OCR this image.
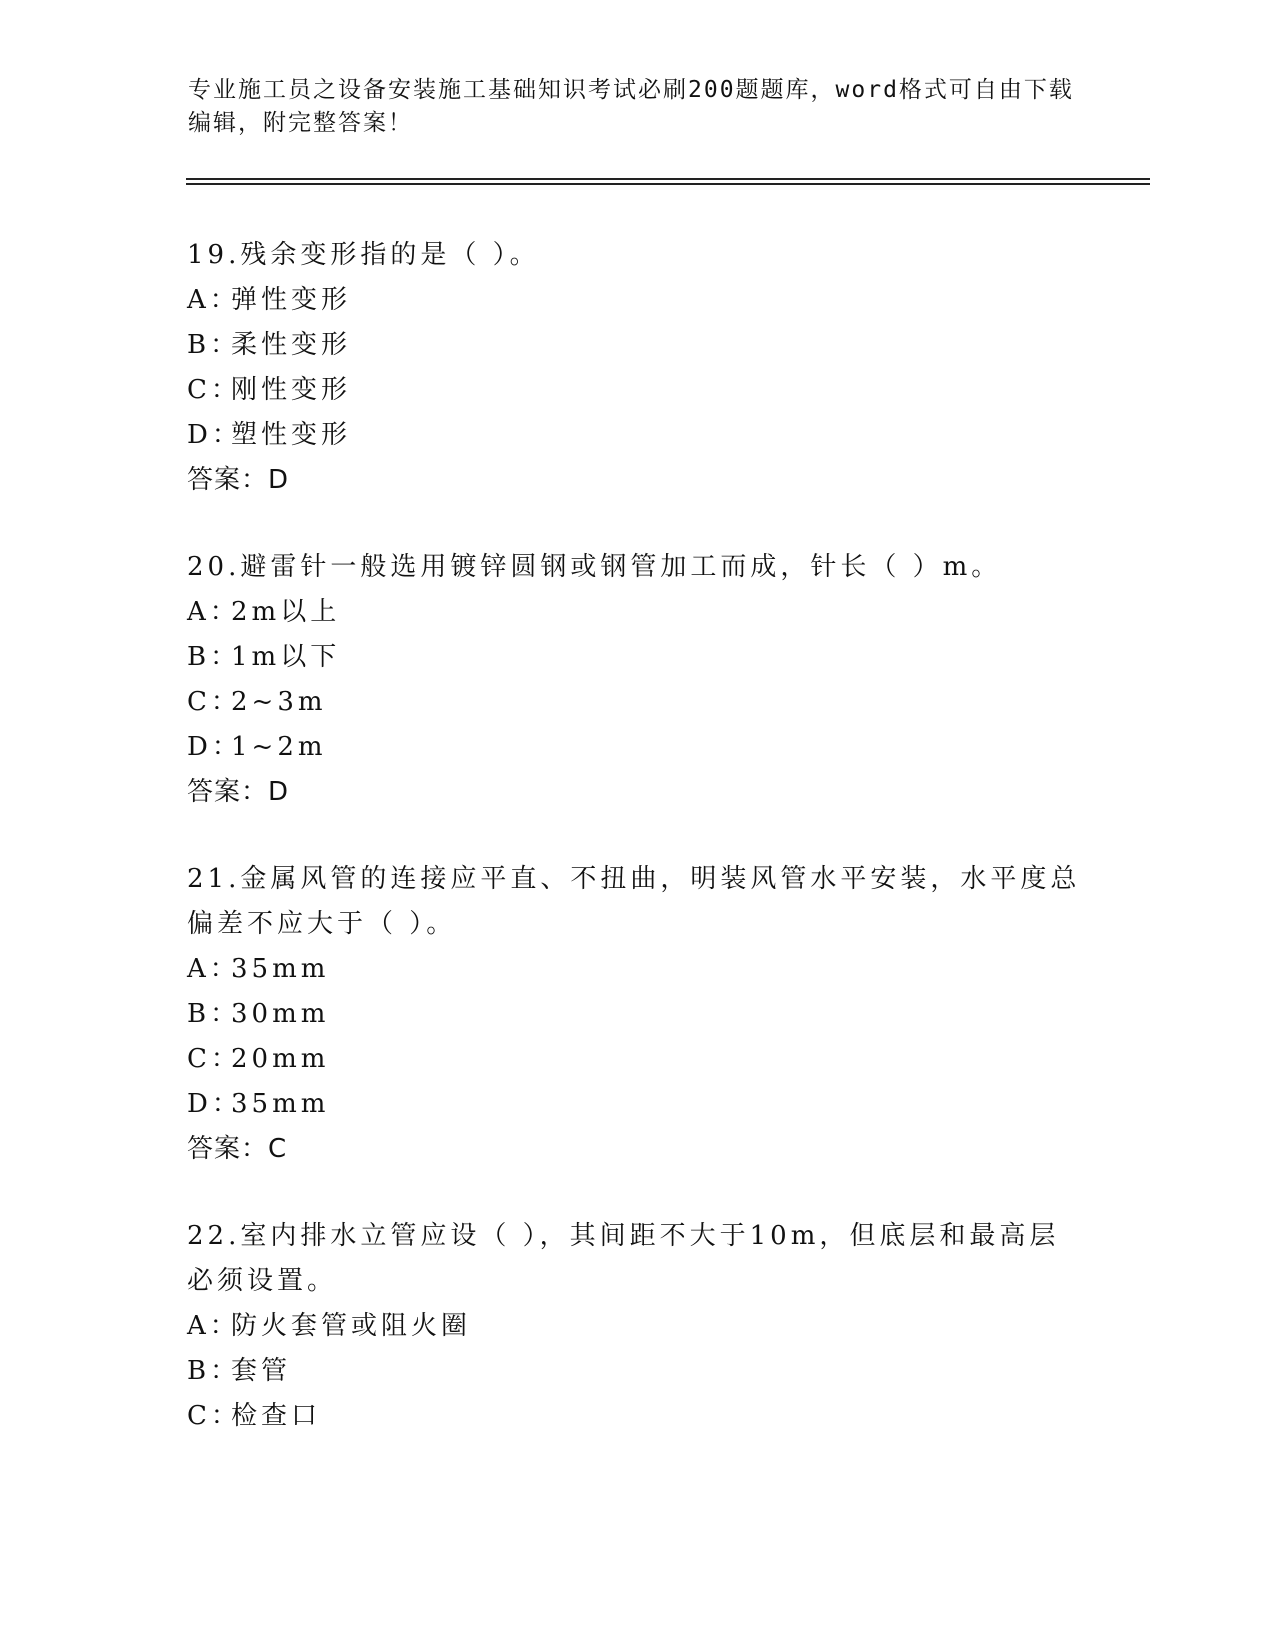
专业施工员之设备安装施工基础知识考试必刷200题题库，word格式可自由下载
编辑，附完整答案！
19.残余变形指的是（ ）。
A：
弹性变形
B：
柔性变形
C：
刚性变形
D：
塑性变形
答案：D
20.避雷针一般选用镀锌圆钢或钢管加工而成，针长（ ）m。
A：
2m以上
B：
1m以下
C：
2~3m
D：
1~2m
答案：D
21.金属风管的连接应平直、不扭曲，明装风管水平安装，水平度总偏差不应大于（ ）。
A：
35mm
B：
30mm
C：
20mm
D：
35mm
答案：C
22.室内排水立管应设（ ），其间距不大于10m，但底层和最高层必须设置。
A：
防火套管或阻火圈
B：
套管
C：
检查口
